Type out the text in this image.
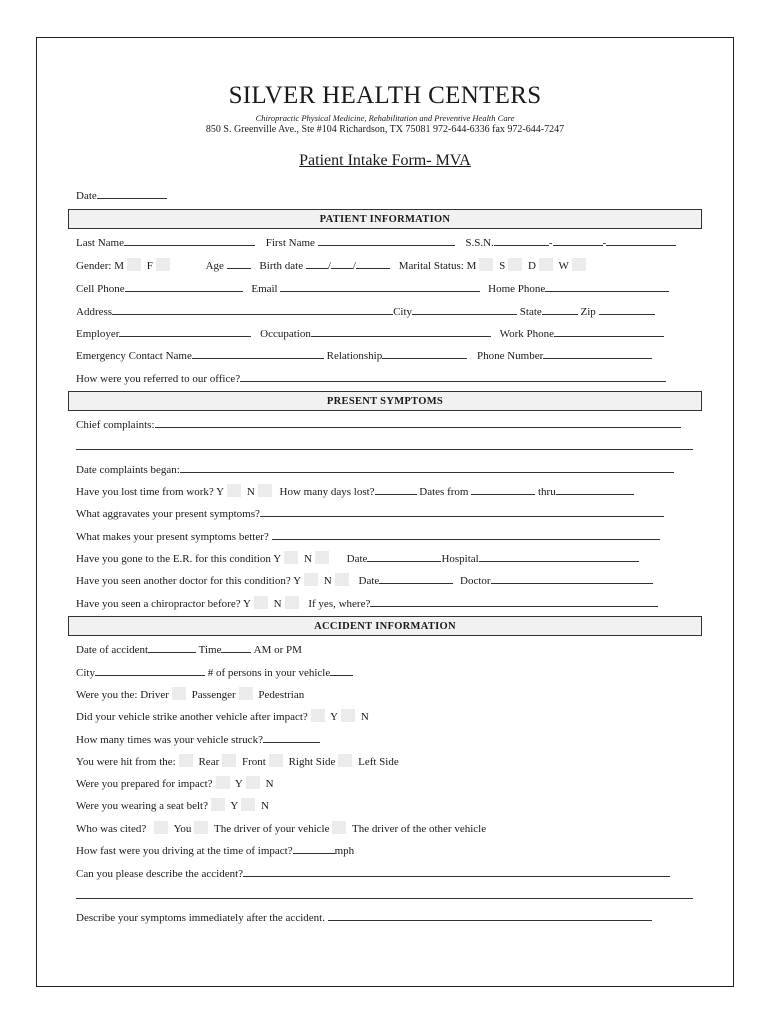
SILVER HEALTH CENTERS
Chiropractic Physical Medicine, Rehabilitation and Preventive Health Care
850 S. Greenville Ave., Ste #104 Richardson, TX 75081 972-644-6336 fax 972-644-7247
Patient Intake Form- MVA
Date
PATIENT INFORMATION
Last Name	First Name	S.S.N.	-	-
Gender: M F	Age	Birth date / /	Marital Status: M S D W
Cell Phone	Email	Home Phone
Address	City	State	Zip
Employer	Occupation	Work Phone
Emergency Contact Name	Relationship	Phone Number
How were you referred to our office?
PRESENT SYMPTOMS
Chief complaints:
Date complaints began:
Have you lost time from work? Y N How many days lost?	Dates from	thru
What aggravates your present symptoms?
What makes your present symptoms better?
Have you gone to the E.R. for this condition Y N	Date	Hospital
Have you seen another doctor for this condition? Y N Date	Doctor
Have you seen a chiropractor before? Y N If yes, where?
ACCIDENT INFORMATION
Date of accident	Time	AM or PM
City	# of persons in your vehicle
Were you the: Driver Passenger Pedestrian
Did your vehicle strike another vehicle after impact? Y N
How many times was your vehicle struck?
You were hit from the: Rear Front Right Side Left Side
Were you prepared for impact? Y N
Were you wearing a seat belt? Y N
Who was cited? You The driver of your vehicle The driver of the other vehicle
How fast were you driving at the time of impact?	mph
Can you please describe the accident?
Describe your symptoms immediately after the accident.
